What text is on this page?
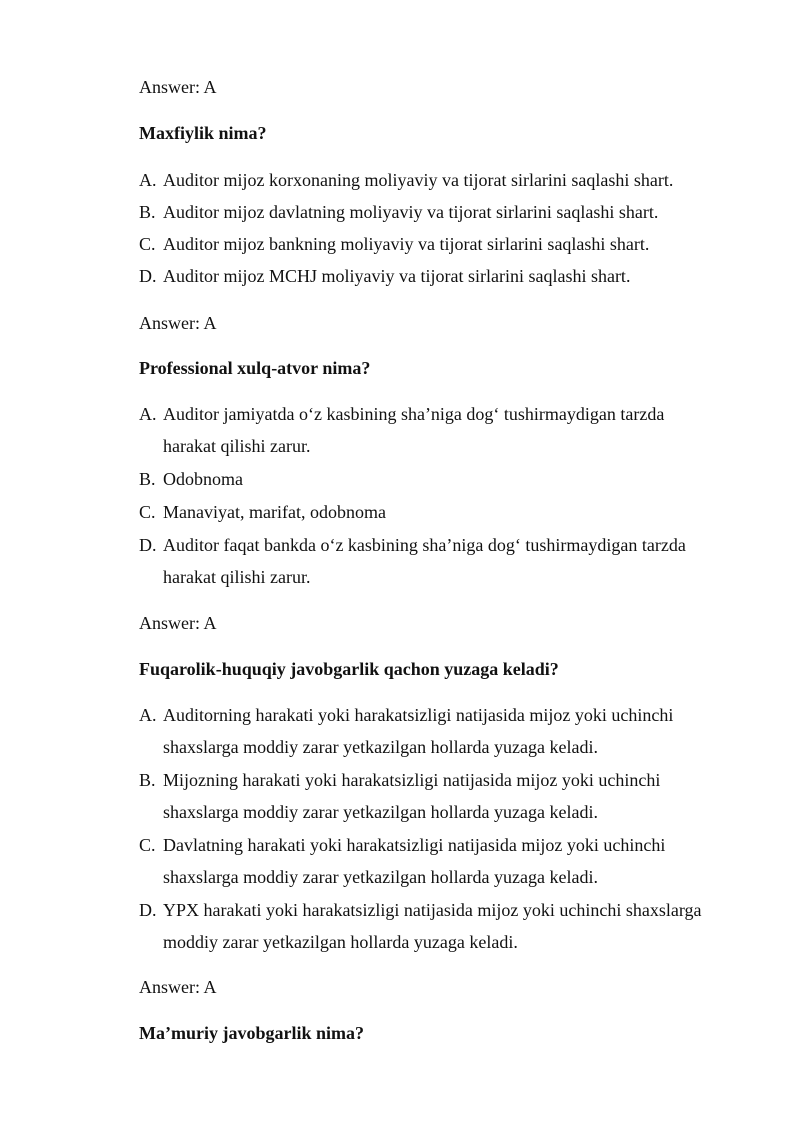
Answer: A
Maxfiylik nima?
A. Auditor mijoz korxonaning moliyaviy va tijorat sirlarini saqlashi shart.
B. Auditor mijoz davlatning moliyaviy va tijorat sirlarini saqlashi shart.
C. Auditor mijoz bankning moliyaviy va tijorat sirlarini saqlashi shart.
D. Auditor mijoz MCHJ moliyaviy va tijorat sirlarini saqlashi shart.
Answer: A
Professional xulq-atvor nima?
A. Auditor jamiyatda o‘z kasbining sha’niga dog‘ tushirmaydigan tarzda
harakat qilishi zarur.
B. Odobnoma
C. Manaviyat, marifat, odobnoma
D. Auditor faqat bankda o‘z kasbining sha’niga dog‘ tushirmaydigan tarzda
harakat qilishi zarur.
Answer: A
Fuqarolik-huquqiy javobgarlik qachon yuzaga keladi?
A. Auditorning harakati yoki harakatsizligi natijasida mijoz yoki uchinchi
shaxslarga moddiy zarar yetkazilgan hollarda yuzaga keladi.
B. Mijozning harakati yoki harakatsizligi natijasida mijoz yoki uchinchi
shaxslarga moddiy zarar yetkazilgan hollarda yuzaga keladi.
C. Davlatning harakati yoki harakatsizligi natijasida mijoz yoki uchinchi
shaxslarga moddiy zarar yetkazilgan hollarda yuzaga keladi.
D. YPX harakati yoki harakatsizligi natijasida mijoz yoki uchinchi shaxslarga
moddiy zarar yetkazilgan hollarda yuzaga keladi.
Answer: A
Ma’muriy javobgarlik nima?
